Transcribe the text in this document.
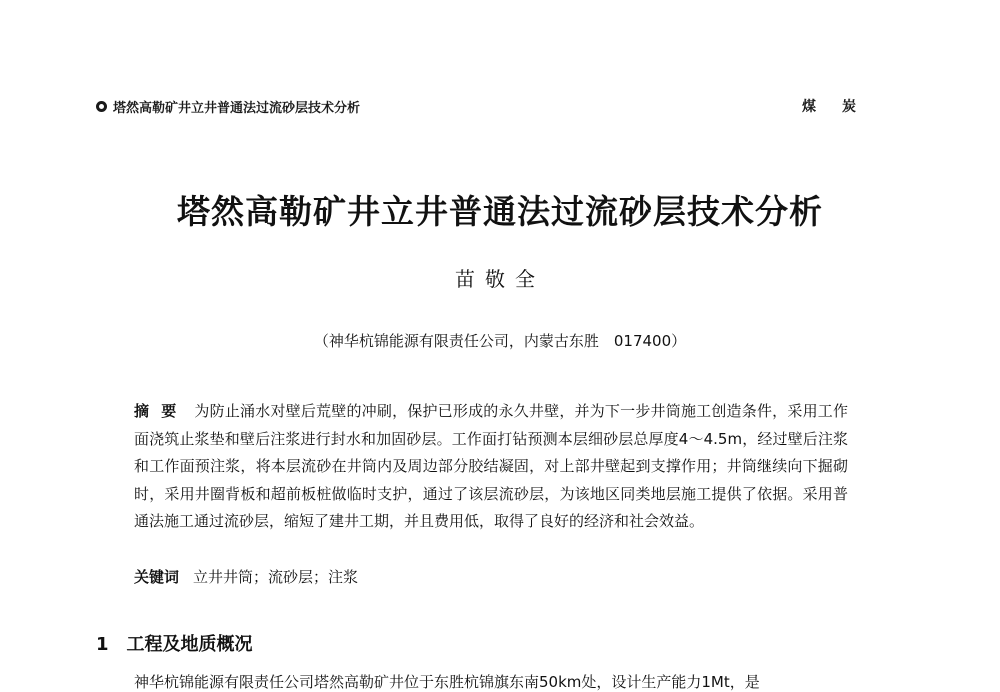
塔然高勒矿井立井普通法过流砂层技术分析	煤炭
塔然高勒矿井立井普通法过流砂层技术分析
苗敬全
（神华杭锦能源有限责任公司，内蒙古东胜　017400）
摘要 为防止涌水对壁后荒壁的冲刷，保护已形成的永久井壁，并为下一步井筒施工创造条件，采用工作面浇筑止浆垫和壁后注浆进行封水和加固砂层。工作面打钻预测本层细砂层总厚度4～4.5m，经过壁后注浆和工作面预注浆，将本层流砂在井筒内及周边部分胶结凝固，对上部井壁起到支撑作用；井筒继续向下掘砌时，采用井圈背板和超前板桩做临时支护，通过了该层流砂层，为该地区同类地层施工提供了依据。采用普通法施工通过流砂层，缩短了建井工期，并且费用低，取得了良好的经济和社会效益。
关键词 立井井筒；流砂层；注浆
1 工程及地质概况
神华杭锦能源有限责任公司塔然高勒矿井位于东胜杭锦旗东南50km处，设计生产能力1Mt，是
